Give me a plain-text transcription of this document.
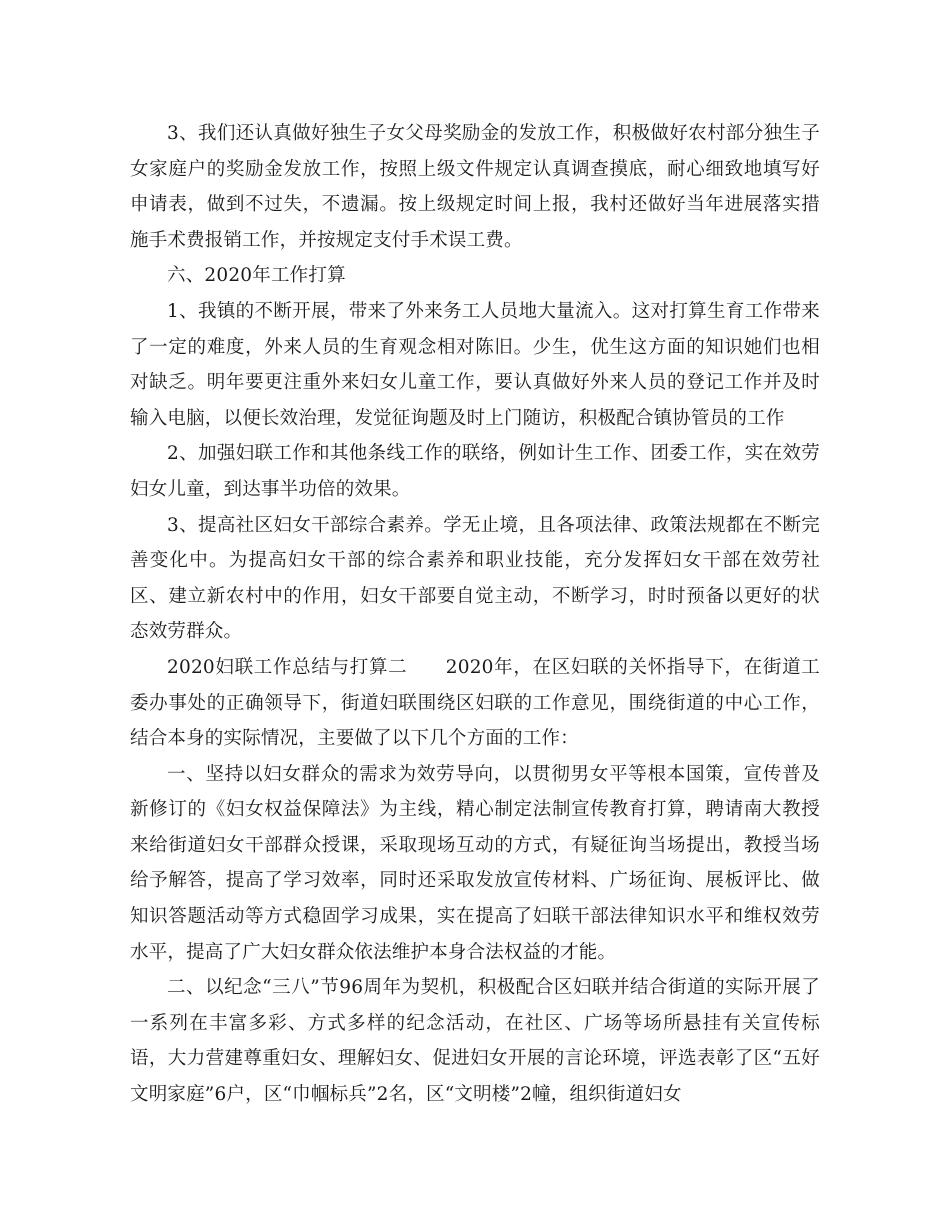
3、我们还认真做好独生子女父母奖励金的发放工作，积极做好农村部分独生子女家庭户的奖励金发放工作，按照上级文件规定认真调查摸底，耐心细致地填写好申请表，做到不过失，不遗漏。按上级规定时间上报，我村还做好当年进展落实措施手术费报销工作，并按规定支付手术误工费。

六、2020年工作打算

1、我镇的不断开展，带来了外来务工人员地大量流入。这对打算生育工作带来了一定的难度，外来人员的生育观念相对陈旧。少生，优生这方面的知识她们也相对缺乏。明年要更注重外来妇女儿童工作，要认真做好外来人员的登记工作并及时输入电脑，以便长效治理，发觉征询题及时上门随访，积极配合镇协管员的工作

2、加强妇联工作和其他条线工作的联络，例如计生工作、团委工作，实在效劳妇女儿童，到达事半功倍的效果。

3、提高社区妇女干部综合素养。学无止境，且各项法律、政策法规都在不断完善变化中。为提高妇女干部的综合素养和职业技能，充分发挥妇女干部在效劳社区、建立新农村中的作用，妇女干部要自觉主动，不断学习，时时预备以更好的状态效劳群众。

2020妇联工作总结与打算二　　2020年，在区妇联的关怀指导下，在街道工委办事处的正确领导下，街道妇联围绕区妇联的工作意见，围绕街道的中心工作，结合本身的实际情况，主要做了以下几个方面的工作：

一、坚持以妇女群众的需求为效劳导向，以贯彻男女平等根本国策，宣传普及新修订的《妇女权益保障法》为主线，精心制定法制宣传教育打算，聘请南大教授来给街道妇女干部群众授课，采取现场互动的方式，有疑征询当场提出，教授当场给予解答，提高了学习效率，同时还采取发放宣传材料、广场征询、展板评比、做知识答题活动等方式稳固学习成果，实在提高了妇联干部法律知识水平和维权效劳水平，提高了广大妇女群众依法维护本身合法权益的才能。

二、以纪念“三八”节96周年为契机，积极配合区妇联并结合街道的实际开展了一系列在丰富多彩、方式多样的纪念活动，在社区、广场等场所悬挂有关宣传标语，大力营建尊重妇女、理解妇女、促进妇女开展的言论环境，评选表彰了区“五好文明家庭”6户，区“巾帼标兵”2名，区“文明楼”2幢，组织街道妇女
